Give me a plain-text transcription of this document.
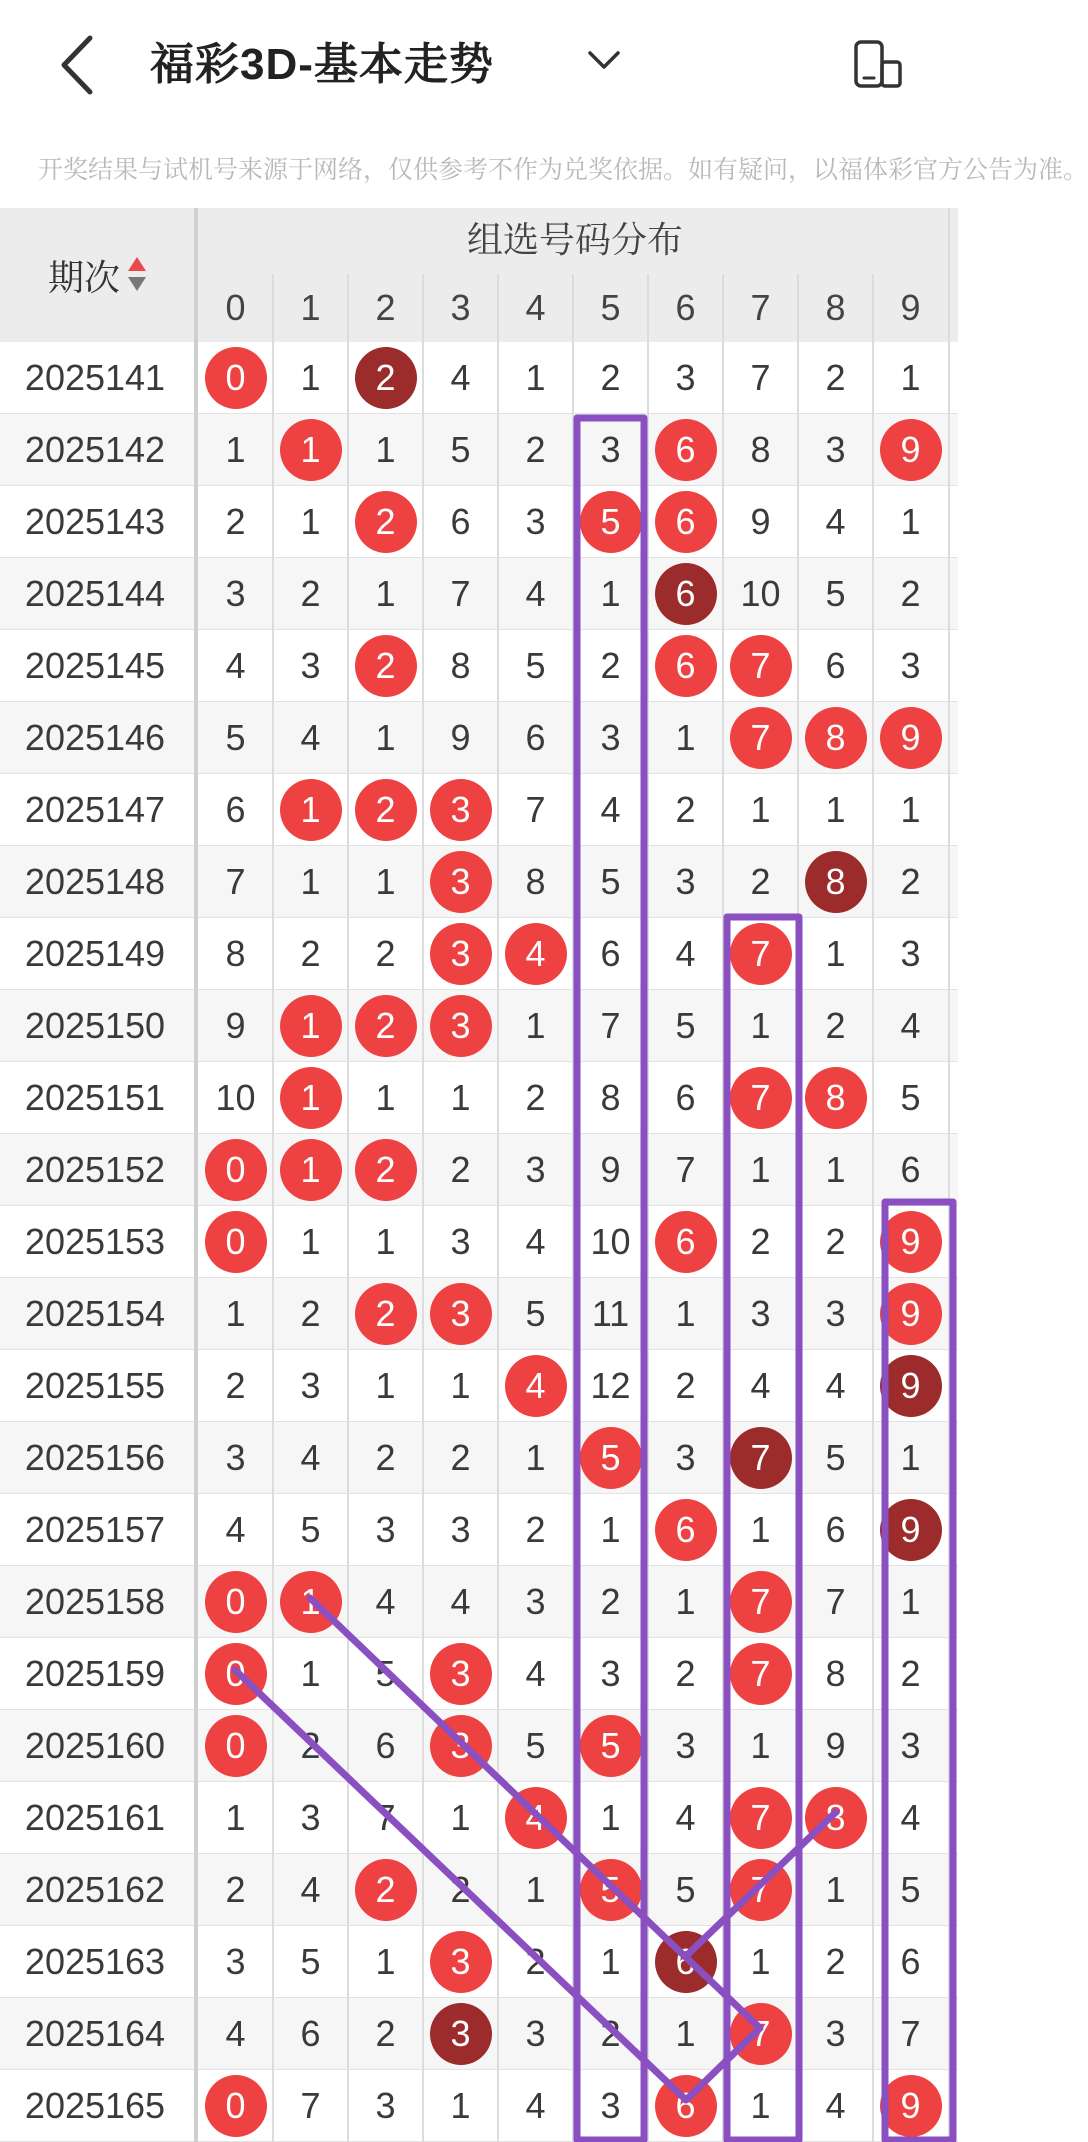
福彩3D-基本走势
开奖结果与试机号来源于网络，仅供参考不作为兑奖依据。如有疑问，以福体彩官方公告为准。
期次
组选号码分布
0	1	2	3	4	5	6	7	8	9
2025141	0	1	2	4	1	2	3	7	2	1
2025142	1	1	1	5	2	3	6	8	3	9
2025143	2	1	2	6	3	5	6	9	4	1
2025144	3	2	1	7	4	1	6	10	5	2
2025145	4	3	2	8	5	2	6	7	6	3
2025146	5	4	1	9	6	3	1	7	8	9
2025147	6	1	2	3	7	4	2	1	1	1
2025148	7	1	1	3	8	5	3	2	8	2
2025149	8	2	2	3	4	6	4	7	1	3
2025150	9	1	2	3	1	7	5	1	2	4
2025151	10	1	1	1	2	8	6	7	8	5
2025152	0	1	2	2	3	9	7	1	1	6
2025153	0	1	1	3	4	10	6	2	2	9
2025154	1	2	2	3	5	11	1	3	3	9
2025155	2	3	1	1	4	12	2	4	4	9
2025156	3	4	2	2	1	5	3	7	5	1
2025157	4	5	3	3	2	1	6	1	6	9
2025158	0	1	4	4	3	2	1	7	7	1
2025159	0	1	5	3	4	3	2	7	8	2
2025160	0	2	6	3	5	5	3	1	9	3
2025161	1	3	7	1	4	1	4	7	8	4
2025162	2	4	2	2	1	5	5	7	1	5
2025163	3	5	1	3	2	1	6	1	2	6
2025164	4	6	2	3	3	2	1	7	3	7
2025165	0	7	3	1	4	3	6	1	4	9
